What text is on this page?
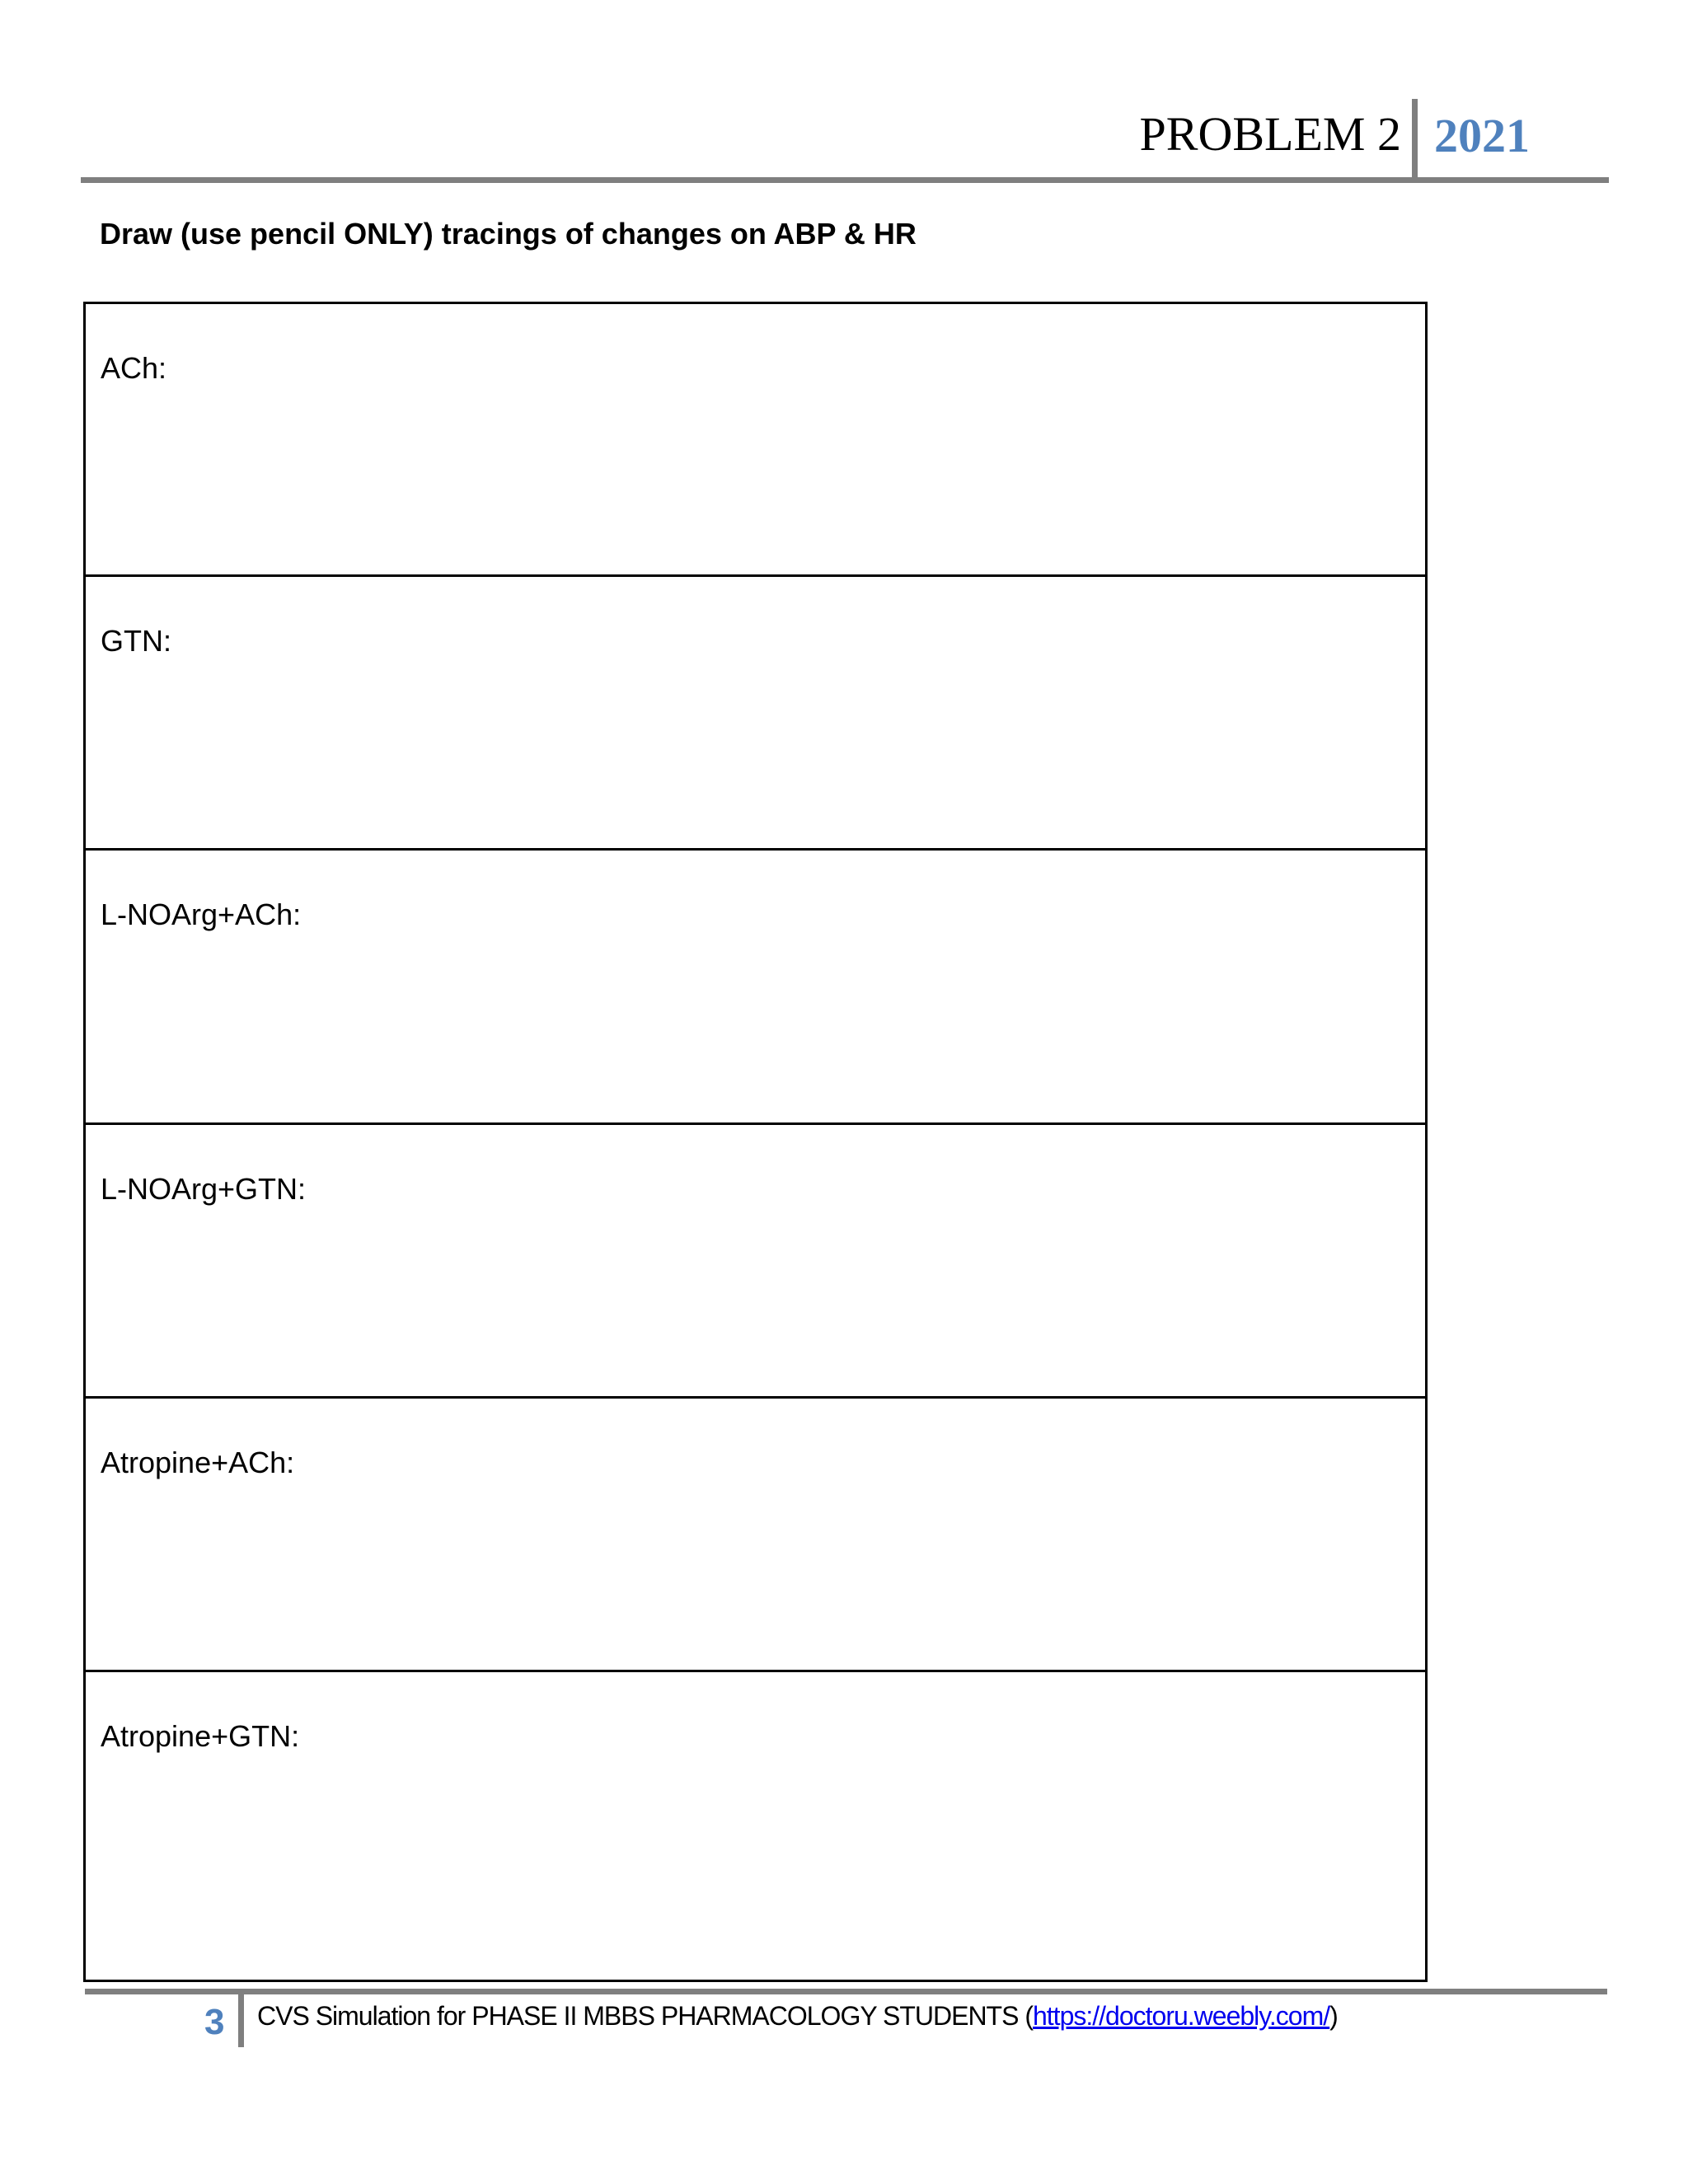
PROBLEM 2 2021
Draw (use pencil ONLY) tracings of changes on ABP & HR
ACh:
GTN:
L-NOArg+ACh:
L-NOArg+GTN:
Atropine+ACh:
Atropine+GTN:
3 CVS Simulation for PHASE II MBBS PHARMACOLOGY STUDENTS (https://doctoru.weebly.com/)
